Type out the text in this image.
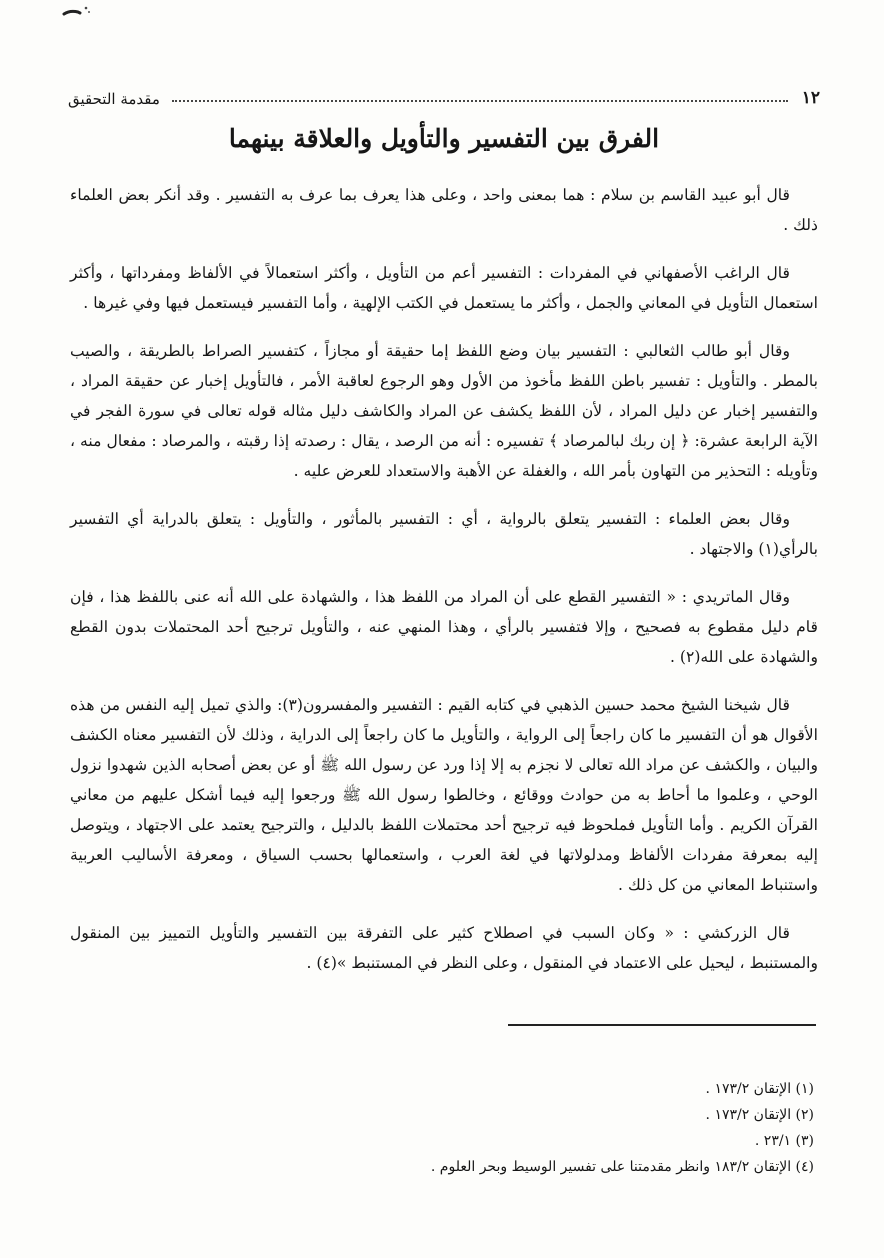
١٢
مقدمة التحقيق
الفرق بين التفسير والتأويل والعلاقة بينهما

قال أبو عبيد القاسم بن سلام : هما بمعنى واحد ، وعلى هذا يعرف بما عرف به التفسير . وقد أنكر بعض العلماء ذلك .

قال الراغب الأصفهاني في المفردات : التفسير أعم من التأويل ، وأكثر استعمالاً في الألفاظ ومفرداتها ، وأكثر استعمال التأويل في المعاني والجمل ، وأكثر ما يستعمل في الكتب الإلهية ، وأما التفسير فيستعمل فيها وفي غيرها .

وقال أبو طالب الثعالبي : التفسير بيان وضع اللفظ إما حقيقة أو مجازاً ، كتفسير الصراط بالطريقة ، والصيب بالمطر . والتأويل : تفسير باطن اللفظ مأخوذ من الأول وهو الرجوع لعاقبة الأمر ، فالتأويل إخبار عن حقيقة المراد ، والتفسير إخبار عن دليل المراد ، لأن اللفظ يكشف عن المراد والكاشف دليل مثاله قوله تعالى في سورة الفجر في الآية الرابعة عشرة: ﴿ إن ربك لبالمرصاد ﴾ تفسيره : أنه من الرصد ، يقال : رصدته إذا رقبته ، والمرصاد : مفعال منه ، وتأويله : التحذير من التهاون بأمر الله ، والغفلة عن الأهبة والاستعداد للعرض عليه .

وقال بعض العلماء : التفسير يتعلق بالرواية ، أي : التفسير بالمأثور ، والتأويل : يتعلق بالدراية أي التفسير بالرأي(١) والاجتهاد .

وقال الماتريدي : « التفسير القطع على أن المراد من اللفظ هذا ، والشهادة على الله أنه عنى باللفظ هذا ، فإن قام دليل مقطوع به فصحيح ، وإلا فتفسير بالرأي ، وهذا المنهي عنه ، والتأويل ترجيح أحد المحتملات بدون القطع والشهادة على الله(٢) .

قال شيخنا الشيخ محمد حسين الذهبي في كتابه القيم : التفسير والمفسرون(٣): والذي تميل إليه النفس من هذه الأقوال هو أن التفسير ما كان راجعاً إلى الرواية ، والتأويل ما كان راجعاً إلى الدراية ، وذلك لأن التفسير معناه الكشف والبيان ، والكشف عن مراد الله تعالى لا نجزم به إلا إذا ورد عن رسول الله ﷺ أو عن بعض أصحابه الذين شهدوا نزول الوحي ، وعلموا ما أحاط به من حوادث ووقائع ، وخالطوا رسول الله ﷺ ورجعوا إليه فيما أشكل عليهم من معاني القرآن الكريم . وأما التأويل فملحوظ فيه ترجيح أحد محتملات اللفظ بالدليل ، والترجيح يعتمد على الاجتهاد ، ويتوصل إليه بمعرفة مفردات الألفاظ ومدلولاتها في لغة العرب ، واستعمالها بحسب السياق ، ومعرفة الأساليب العربية واستنباط المعاني من كل ذلك .

قال الزركشي : « وكان السبب في اصطلاح كثير على التفرقة بين التفسير والتأويل التمييز بين المنقول والمستنبط ، ليحيل على الاعتماد في المنقول ، وعلى النظر في المستنبط »(٤) .

(١) الإتقان ١٧٣/٢ .

(٢) الإتقان ١٧٣/٢ .

(٣) ٢٣/١ .

(٤) الإتقان ١٨٣/٢ وانظر مقدمتنا على تفسير الوسيط وبحر العلوم .
